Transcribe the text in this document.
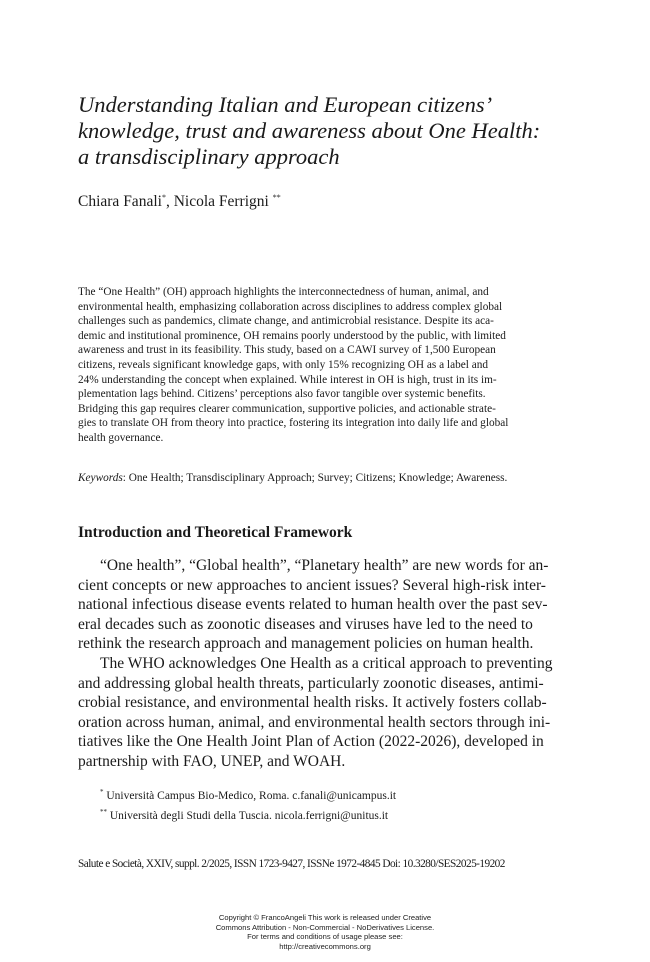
Understanding Italian and European citizens’
knowledge, trust and awareness about One Health:
a transdisciplinary approach
Chiara Fanali*, Nicola Ferrigni **
The “One Health” (OH) approach highlights the interconnectedness of human, animal, and
environmental health, emphasizing collaboration across disciplines to address complex global
challenges such as pandemics, climate change, and antimicrobial resistance. Despite its aca-
demic and institutional prominence, OH remains poorly understood by the public, with limited
awareness and trust in its feasibility. This study, based on a CAWI survey of 1,500 European
citizens, reveals significant knowledge gaps, with only 15% recognizing OH as a label and
24% understanding the concept when explained. While interest in OH is high, trust in its im-
plementation lags behind. Citizens’ perceptions also favor tangible over systemic benefits.
Bridging this gap requires clearer communication, supportive policies, and actionable strate-
gies to translate OH from theory into practice, fostering its integration into daily life and global
health governance.
Keywords: One Health; Transdisciplinary Approach; Survey; Citizens; Knowledge; Awareness.
Introduction and Theoretical Framework
“One health”, “Global health”, “Planetary health” are new words for an-
cient concepts or new approaches to ancient issues? Several high-risk inter-
national infectious disease events related to human health over the past sev-
eral decades such as zoonotic diseases and viruses have led to the need to
rethink the research approach and management policies on human health.
The WHO acknowledges One Health as a critical approach to preventing
and addressing global health threats, particularly zoonotic diseases, antimi-
crobial resistance, and environmental health risks. It actively fosters collab-
oration across human, animal, and environmental health sectors through ini-
tiatives like the One Health Joint Plan of Action (2022-2026), developed in
partnership with FAO, UNEP, and WOAH.
* Università Campus Bio-Medico, Roma. c.fanali@unicampus.it
** Università degli Studi della Tuscia. nicola.ferrigni@unitus.it
Salute e Società, XXIV, suppl. 2/2025, ISSN 1723-9427, ISSNe 1972-4845 Doi: 10.3280/SES2025-19202
Copyright © FrancoAngeli This work is released under Creative
Commons Attribution - Non-Commercial - NoDerivatives License.
For terms and conditions of usage please see:
http://creativecommons.org
